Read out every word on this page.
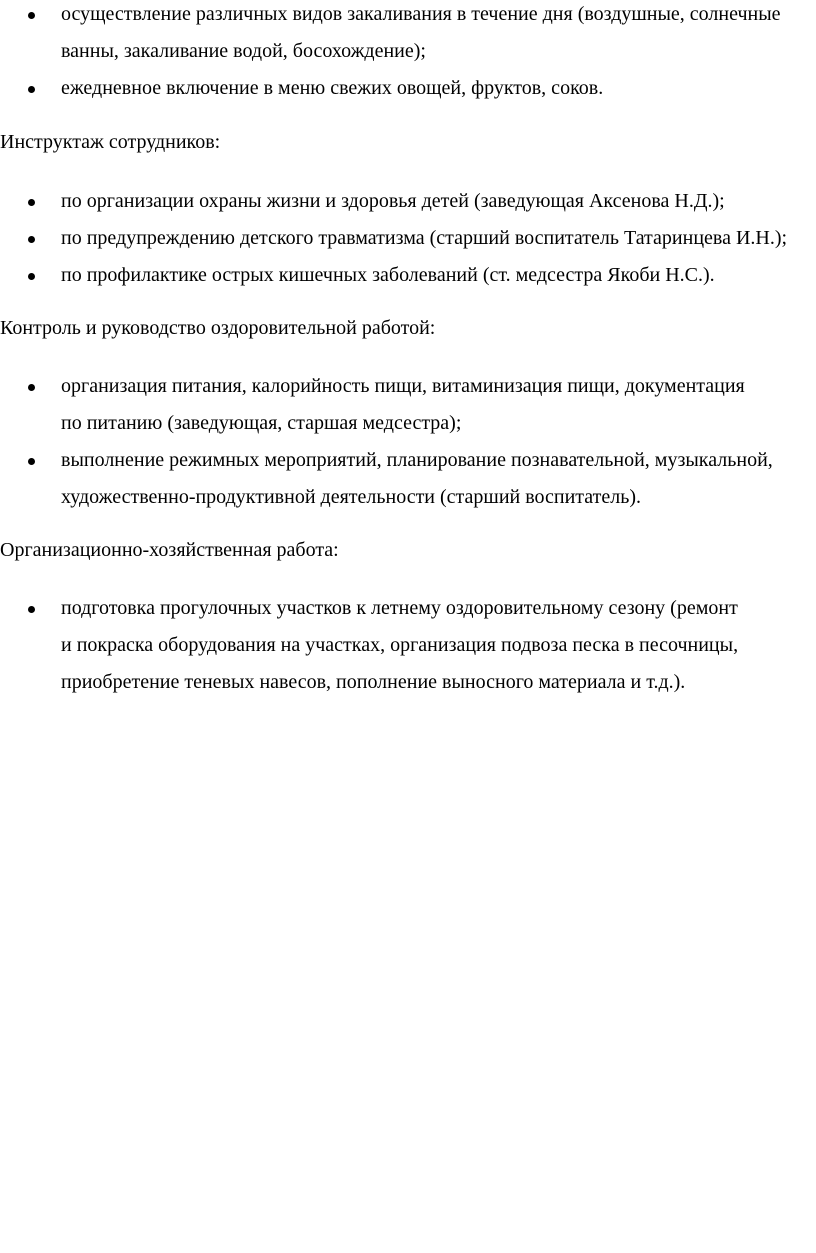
осуществление различных видов закаливания в течение дня (воздушные, солнечные
ванны, закаливание водой, босохождение);
ежедневное включение в меню свежих овощей, фруктов, соков.
Инструктаж сотрудников:
по организации охраны жизни и здоровья детей (заведующая Аксенова Н.Д.);
по предупреждению детского травматизма (старший воспитатель Татаринцева И.Н.);
по профилактике острых кишечных заболеваний (ст. медсестра Якоби Н.С.).
Контроль и руководство оздоровительной работой:
организация питания, калорийность пищи, витаминизация пищи, документация
по питанию (заведующая, старшая медсестра);
выполнение режимных мероприятий, планирование познавательной, музыкальной,
художественно-продуктивной деятельности (старший воспитатель).
Организационно-хозяйственная работа:
подготовка прогулочных участков к летнему оздоровительному сезону (ремонт
и покраска оборудования на участках, организация подвоза песка в песочницы,
приобретение теневых навесов, пополнение выносного материала и т.д.).
